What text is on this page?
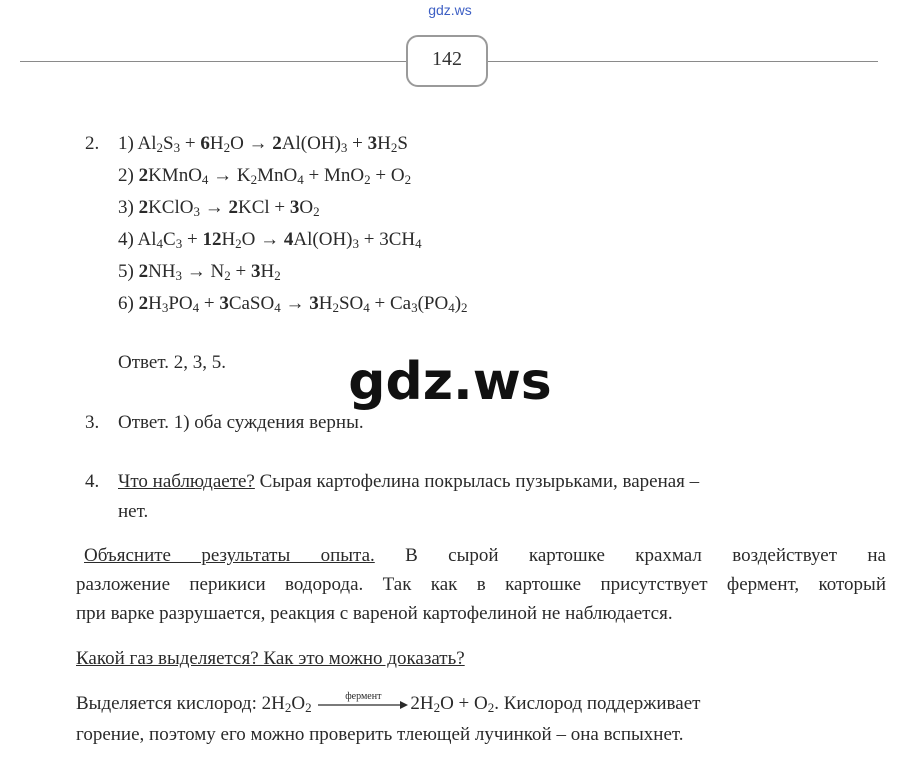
gdz.ws
142
2. 1) $Al_2S_3 + 6H_2O \to 2Al(OH)_3 + 3H_2S$
2) 2KMnO$_4$ → $K_2MnO_4 + MnO_2 + O_2$
3) 2KClO$_3$ → $2KCl + 3O_2$
4) $Al_4C_3 + 12H_2O \to 4Al(OH)_3 + 3CH_4$
5) $2NH_3 \to N_2 + 3H_2$
6) $2H_3PO_4$ + 3CaSO$_4$ → $3H_2SO_4 + Ca_3(PO_4)_2$
Ответ. 2, 3, 5.	gdz.ws
3. Ответ. 1) оба суждения верны.
4. Что наблюдаете? Сырая картофелина покрылась пузырьками, вареная –
нет.
Объясните результаты опыта. В сырой картошке крахмал воздействует на
разложение перикиси водорода. Так как в картошке присутствует фермент, который
при варке разрушается, реакция с вареной картофелиной не наблюдается.
Какой газ выделяется? Как это можно доказать?
Выделяется кислород: $2H_2O_2$
фермент	$2H_2O + O_2$. Кислород поддерживает
горение, поэтому его можно проверить тлеющей лучинкой – она вспыхнет.
